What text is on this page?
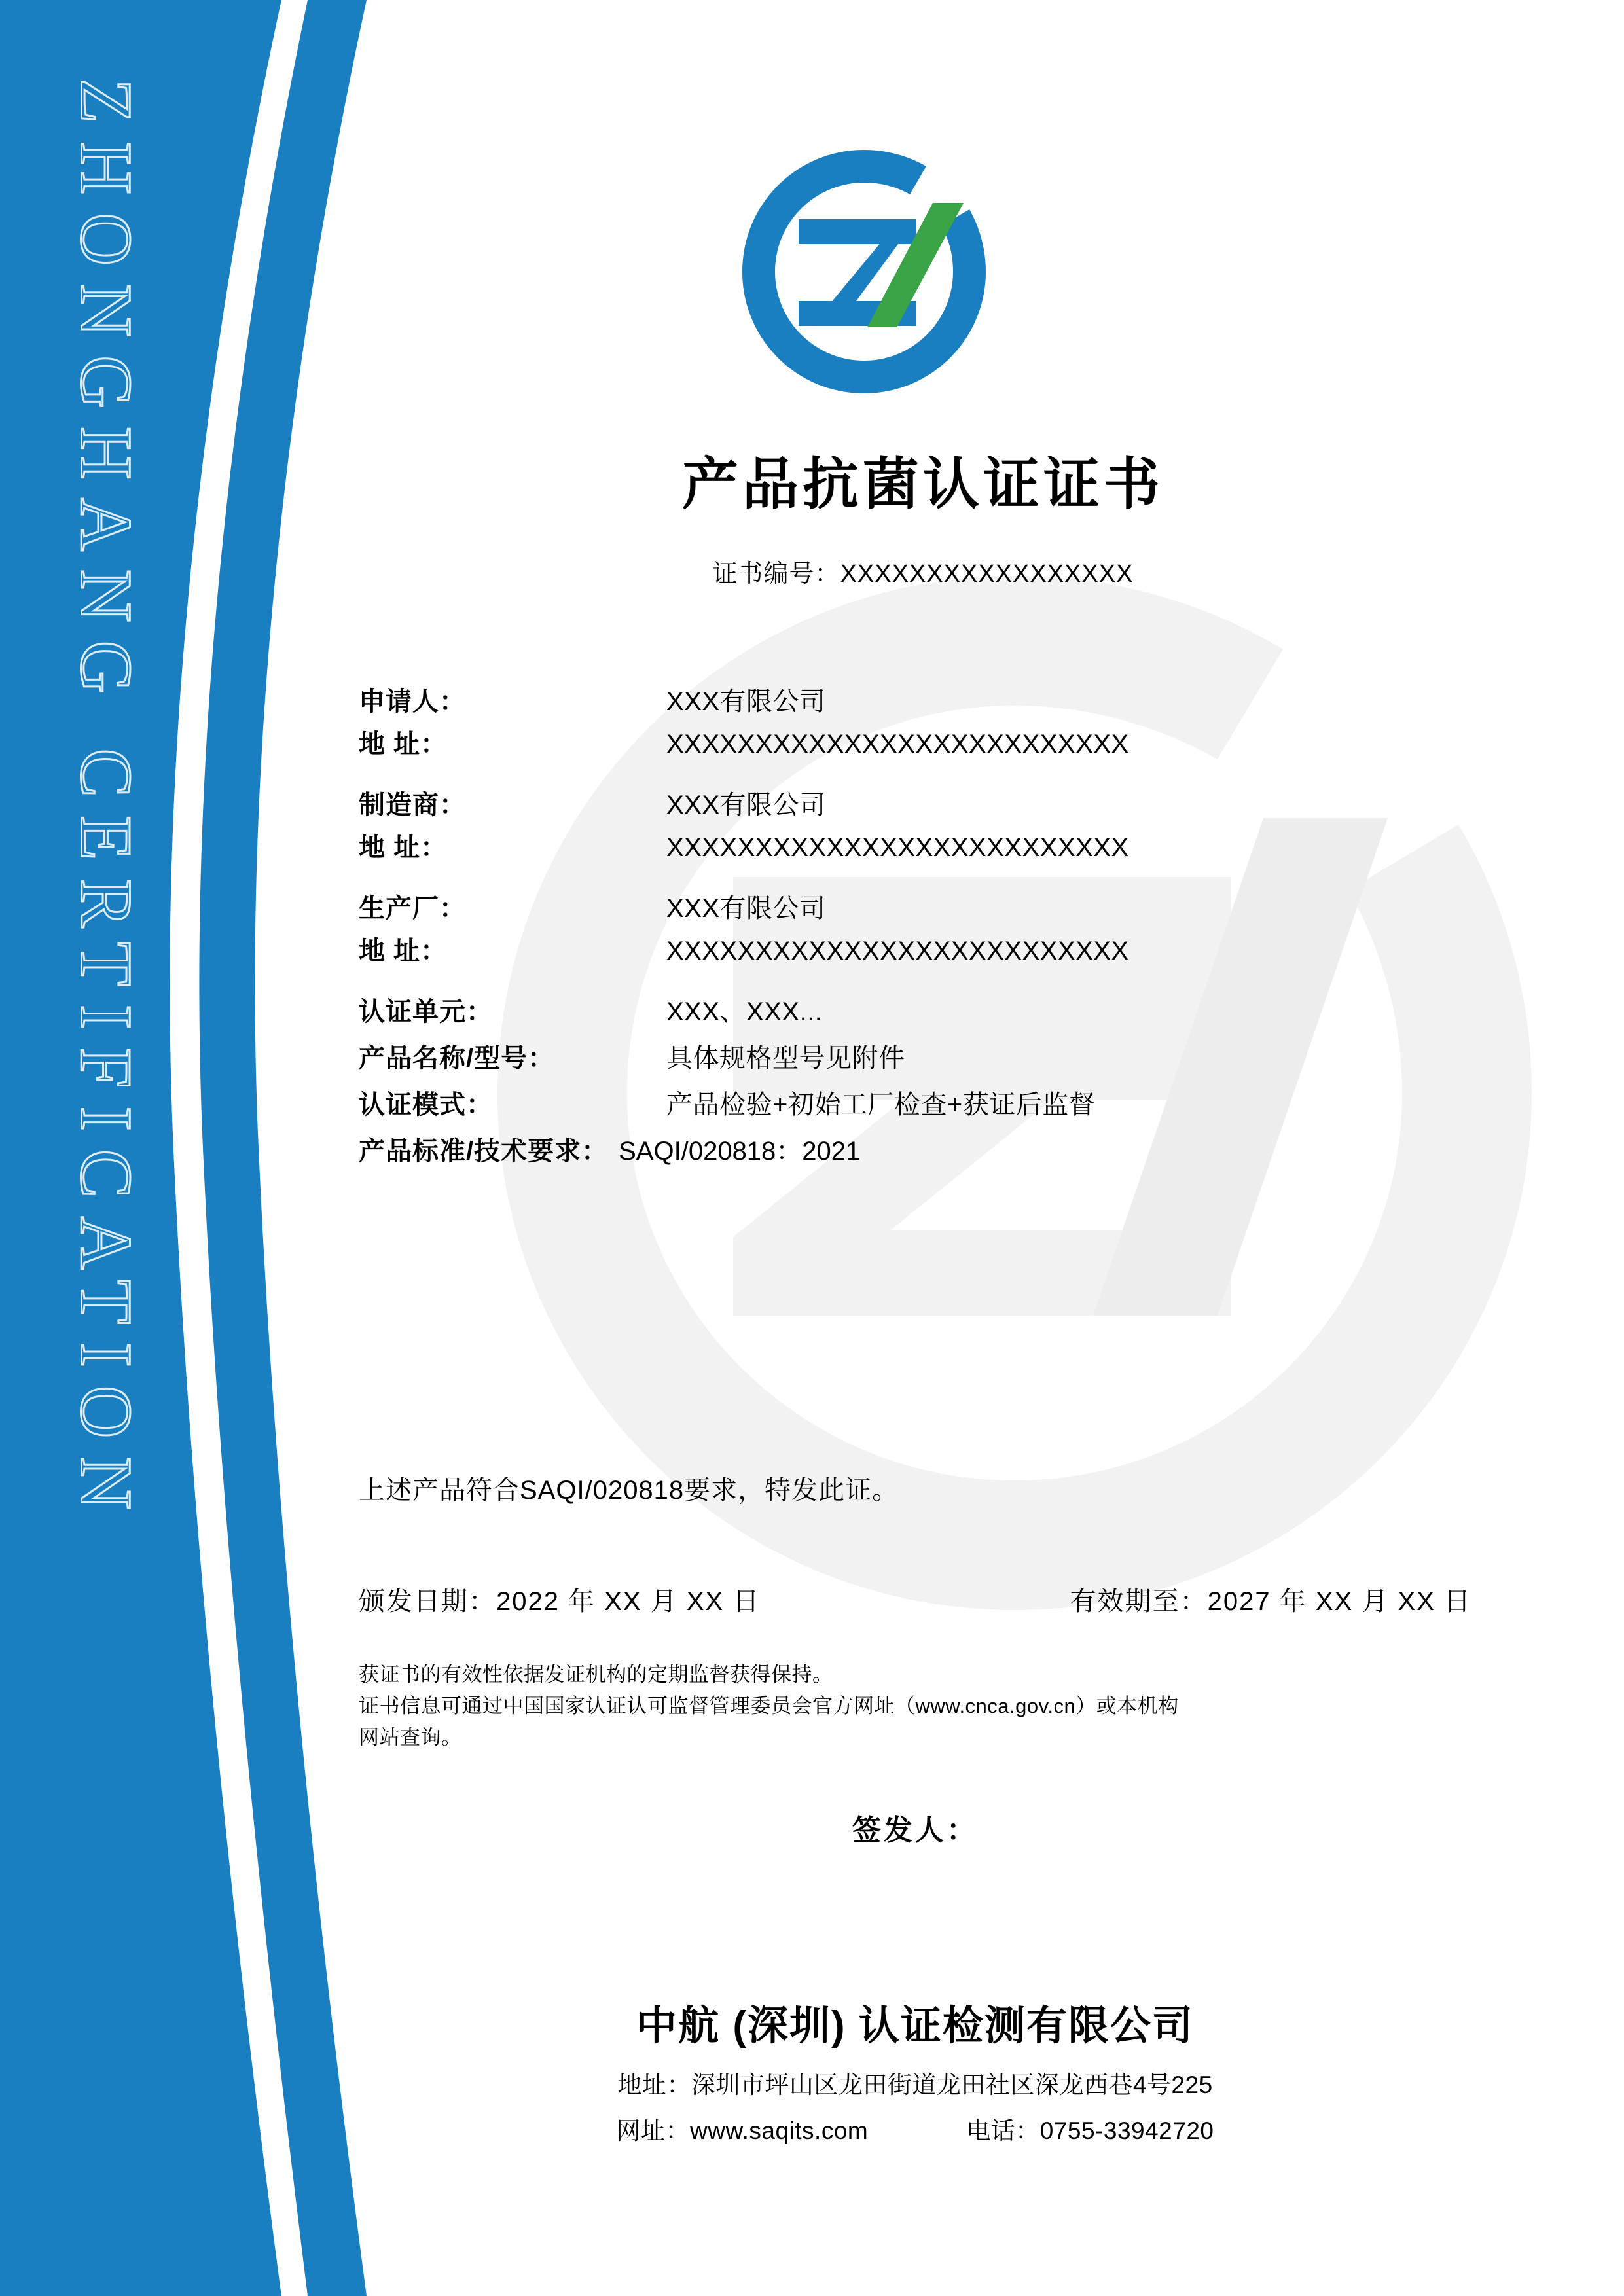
ZHONGHANG CERTIFICATION	产品抗菌认证证书
证书编号：XXXXXXXXXXXXXXXXX
申请人：	XXX有限公司
地 址：	XXXXXXXXXXXXXXXXXXXXXXXXXX
制造商：	XXX有限公司
地 址：	XXXXXXXXXXXXXXXXXXXXXXXXXX
生产厂：	XXX有限公司
地 址：	XXXXXXXXXXXXXXXXXXXXXXXXXX
认证单元：	XXX、XXX...
产品名称/型号：	具体规格型号见附件
认证模式：	产品检验+初始工厂检查+获证后监督
产品标准/技术要求： SAQI/020818：2021
上述产品符合SAQI/020818要求，特发此证。
颁发日期：2022 年 XX 月 XX 日	有效期至：2027 年 XX 月 XX 日
获证书的有效性依据发证机构的定期监督获得保持。
证书信息可通过中国国家认证认可监督管理委员会官方网址（www.cnca.gov.cn）或本机构
网站查询。
签发人：
中航 (深圳) 认证检测有限公司
地址：深圳市坪山区龙田街道龙田社区深龙西巷4号225
网址：www.saqits.com	电话：0755-33942720
